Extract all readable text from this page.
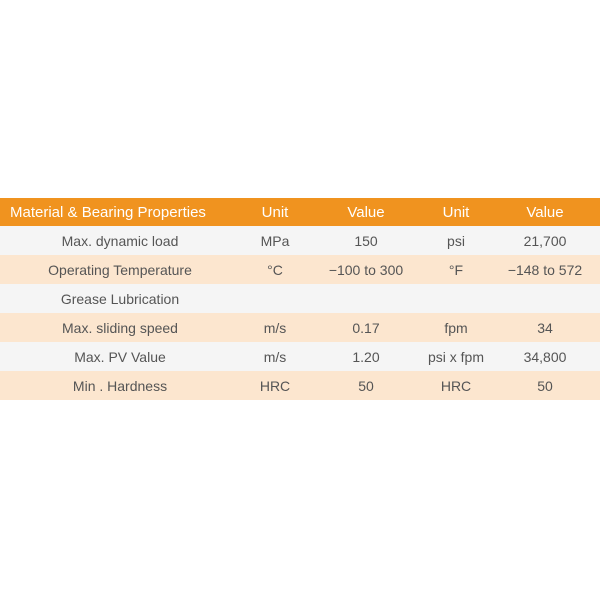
Material & Bearing Properties	Unit	Value	Unit	Value
Max. dynamic load	MPa	150	psi	21,700
Operating Temperature	°C	−100 to 300	°F	−148 to 572
Grease Lubrication				
Max. sliding speed	m/s	0.17	fpm	34
Max. PV Value	m/s	1.20	psi x fpm	34,800
Min . Hardness	HRC	50	HRC	50
